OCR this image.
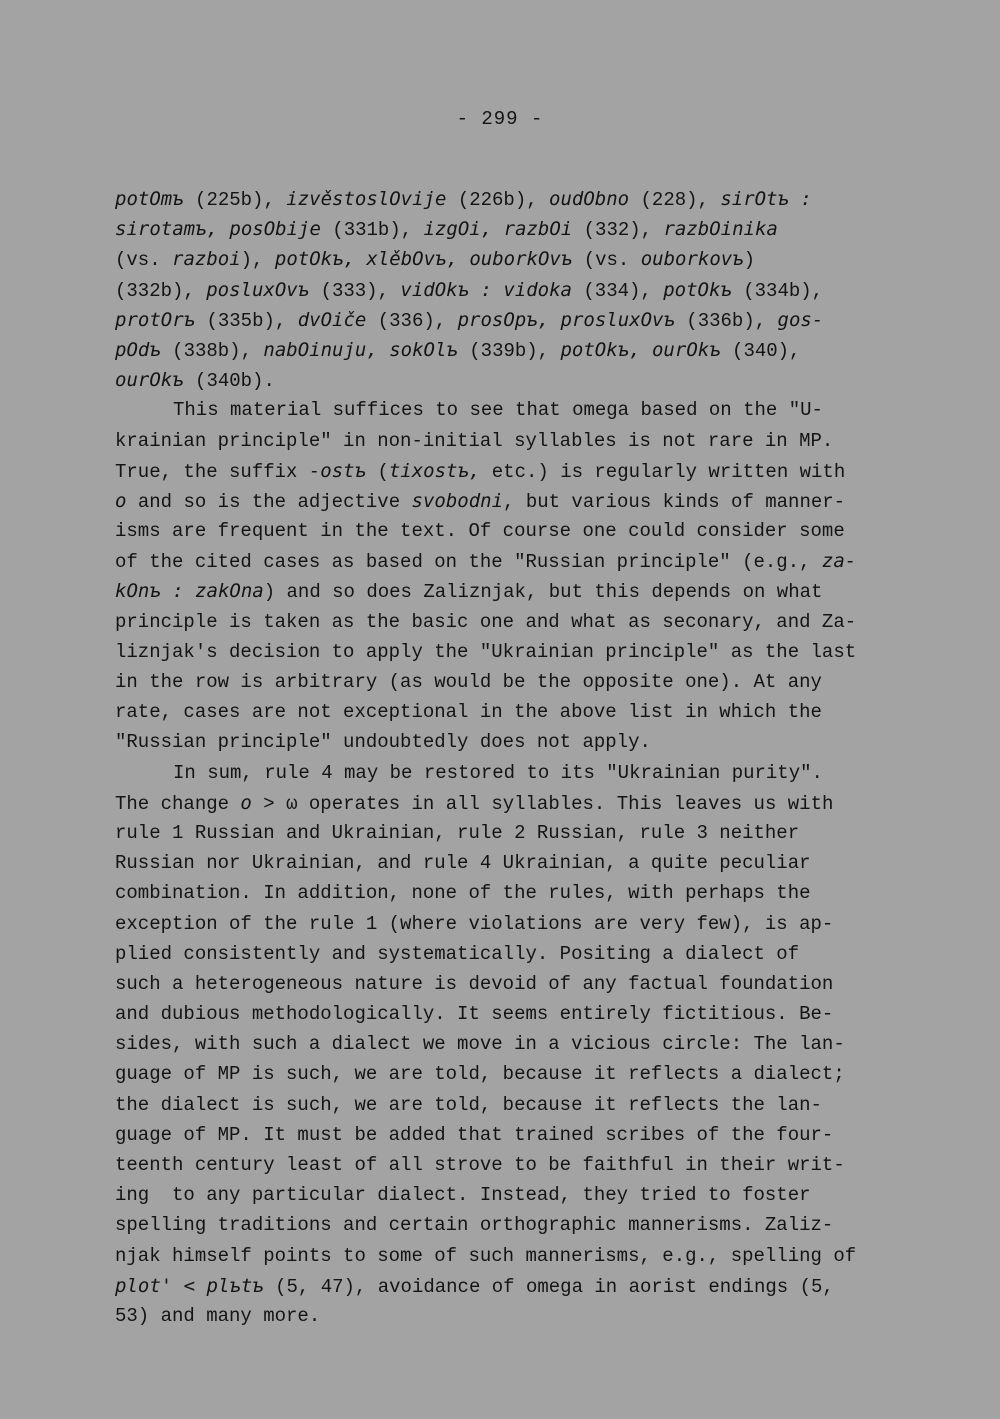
- 299 -
potOmъ (225b), izvěstoslOvije (226b), oudObno (228), sirOtъ :
sirotamъ, posObije (331b), izgOi, razbOi (332), razbOinika
(vs. razboi), potOkъ, xlěbOvъ, ouborkOvъ (vs. ouborkovъ)
(332b), posluxOvъ (333), vidOkъ : vidoka (334), potOkъ (334b),
protOrъ (335b), dvOiče (336), prosOpъ, prosluxOvъ (336b), gos-
pOdъ (338b), nabOinuju, sokOlъ (339b), potOkъ, ourOkъ (340),
ourOkъ (340b).
This material suffices to see that omega based on the "U-
krainian principle" in non-initial syllables is not rare in MP.
True, the suffix -ostъ (tixostъ, etc.) is regularly written with
o and so is the adjective svobodni, but various kinds of manner-
isms are frequent in the text. Of course one could consider some
of the cited cases as based on the "Russian principle" (e.g., za-
kOnъ : zakOna) and so does Zaliznjak, but this depends on what
principle is taken as the basic one and what as seconary, and Za-
liznjak's decision to apply the "Ukrainian principle" as the last
in the row is arbitrary (as would be the opposite one). At any
rate, cases are not exceptional in the above list in which the
"Russian principle" undoubtedly does not apply.
In sum, rule 4 may be restored to its "Ukrainian purity".
The change o > ω operates in all syllables. This leaves us with
rule 1 Russian and Ukrainian, rule 2 Russian, rule 3 neither
Russian nor Ukrainian, and rule 4 Ukrainian, a quite peculiar
combination. In addition, none of the rules, with perhaps the
exception of the rule 1 (where violations are very few), is ap-
plied consistently and systematically. Positing a dialect of
such a heterogeneous nature is devoid of any factual foundation
and dubious methodologically. It seems entirely fictitious. Be-
sides, with such a dialect we move in a vicious circle: The lan-
guage of MP is such, we are told, because it reflects a dialect;
the dialect is such, we are told, because it reflects the lan-
guage of MP. It must be added that trained scribes of the four-
teenth century least of all strove to be faithful in their writ-
ing  to any particular dialect. Instead, they tried to foster
spelling traditions and certain orthographic mannerisms. Zaliz-
njak himself points to some of such mannerisms, e.g., spelling of
plot' < plъtъ (5, 47), avoidance of omega in aorist endings (5,
53) and many more.
